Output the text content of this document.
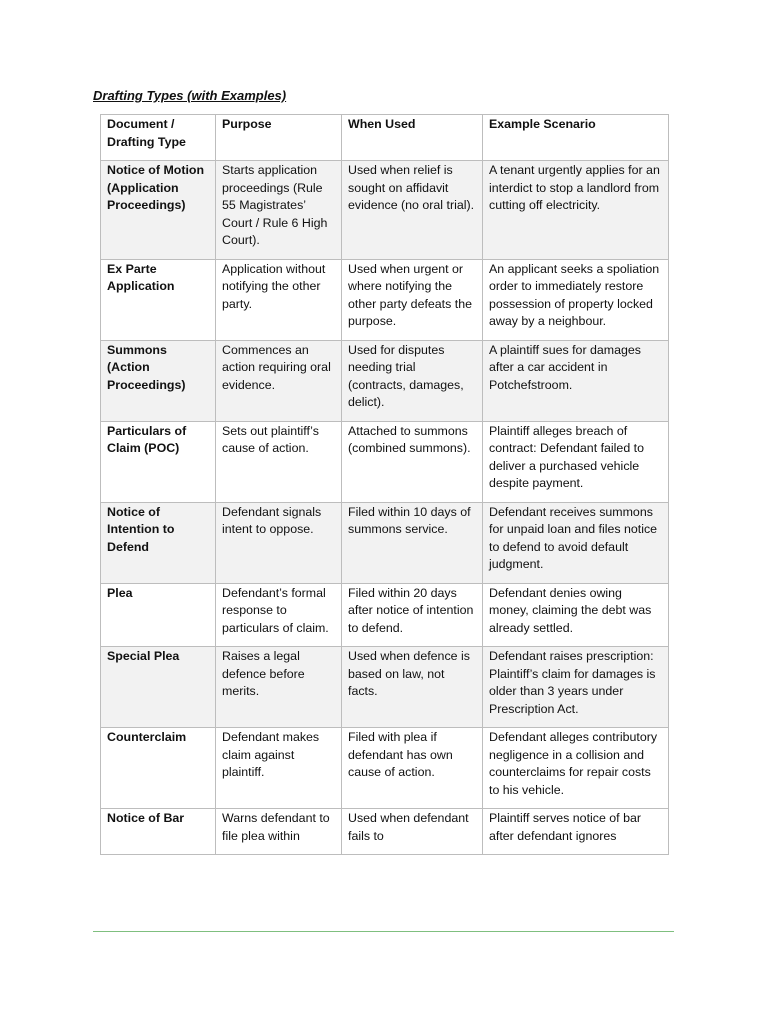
Drafting Types (with Examples)
Document / Drafting Type	Purpose	When Used	Example Scenario
Notice of Motion (Application Proceedings)	Starts application proceedings (Rule 55 Magistrates’ Court / Rule 6 High Court).	Used when relief is sought on affidavit evidence (no oral trial).	A tenant urgently applies for an interdict to stop a landlord from cutting off electricity.
Ex Parte Application	Application without notifying the other party.	Used when urgent or where notifying the other party defeats the purpose.	An applicant seeks a spoliation order to immediately restore possession of property locked away by a neighbour.
Summons (Action Proceedings)	Commences an action requiring oral evidence.	Used for disputes needing trial (contracts, damages, delict).	A plaintiff sues for damages after a car accident in Potchefstroom.
Particulars of Claim (POC)	Sets out plaintiff’s cause of action.	Attached to summons (combined summons).	Plaintiff alleges breach of contract: Defendant failed to deliver a purchased vehicle despite payment.
Notice of Intention to Defend	Defendant signals intent to oppose.	Filed within 10 days of summons service.	Defendant receives summons for unpaid loan and files notice to defend to avoid default judgment.
Plea	Defendant’s formal response to particulars of claim.	Filed within 20 days after notice of intention to defend.	Defendant denies owing money, claiming the debt was already settled.
Special Plea	Raises a legal defence before merits.	Used when defence is based on law, not facts.	Defendant raises prescription: Plaintiff’s claim for damages is older than 3 years under Prescription Act.
Counterclaim	Defendant makes claim against plaintiff.	Filed with plea if defendant has own cause of action.	Defendant alleges contributory negligence in a collision and counterclaims for repair costs to his vehicle.
Notice of Bar	Warns defendant to file plea within	Used when defendant fails to	Plaintiff serves notice of bar after defendant ignores
